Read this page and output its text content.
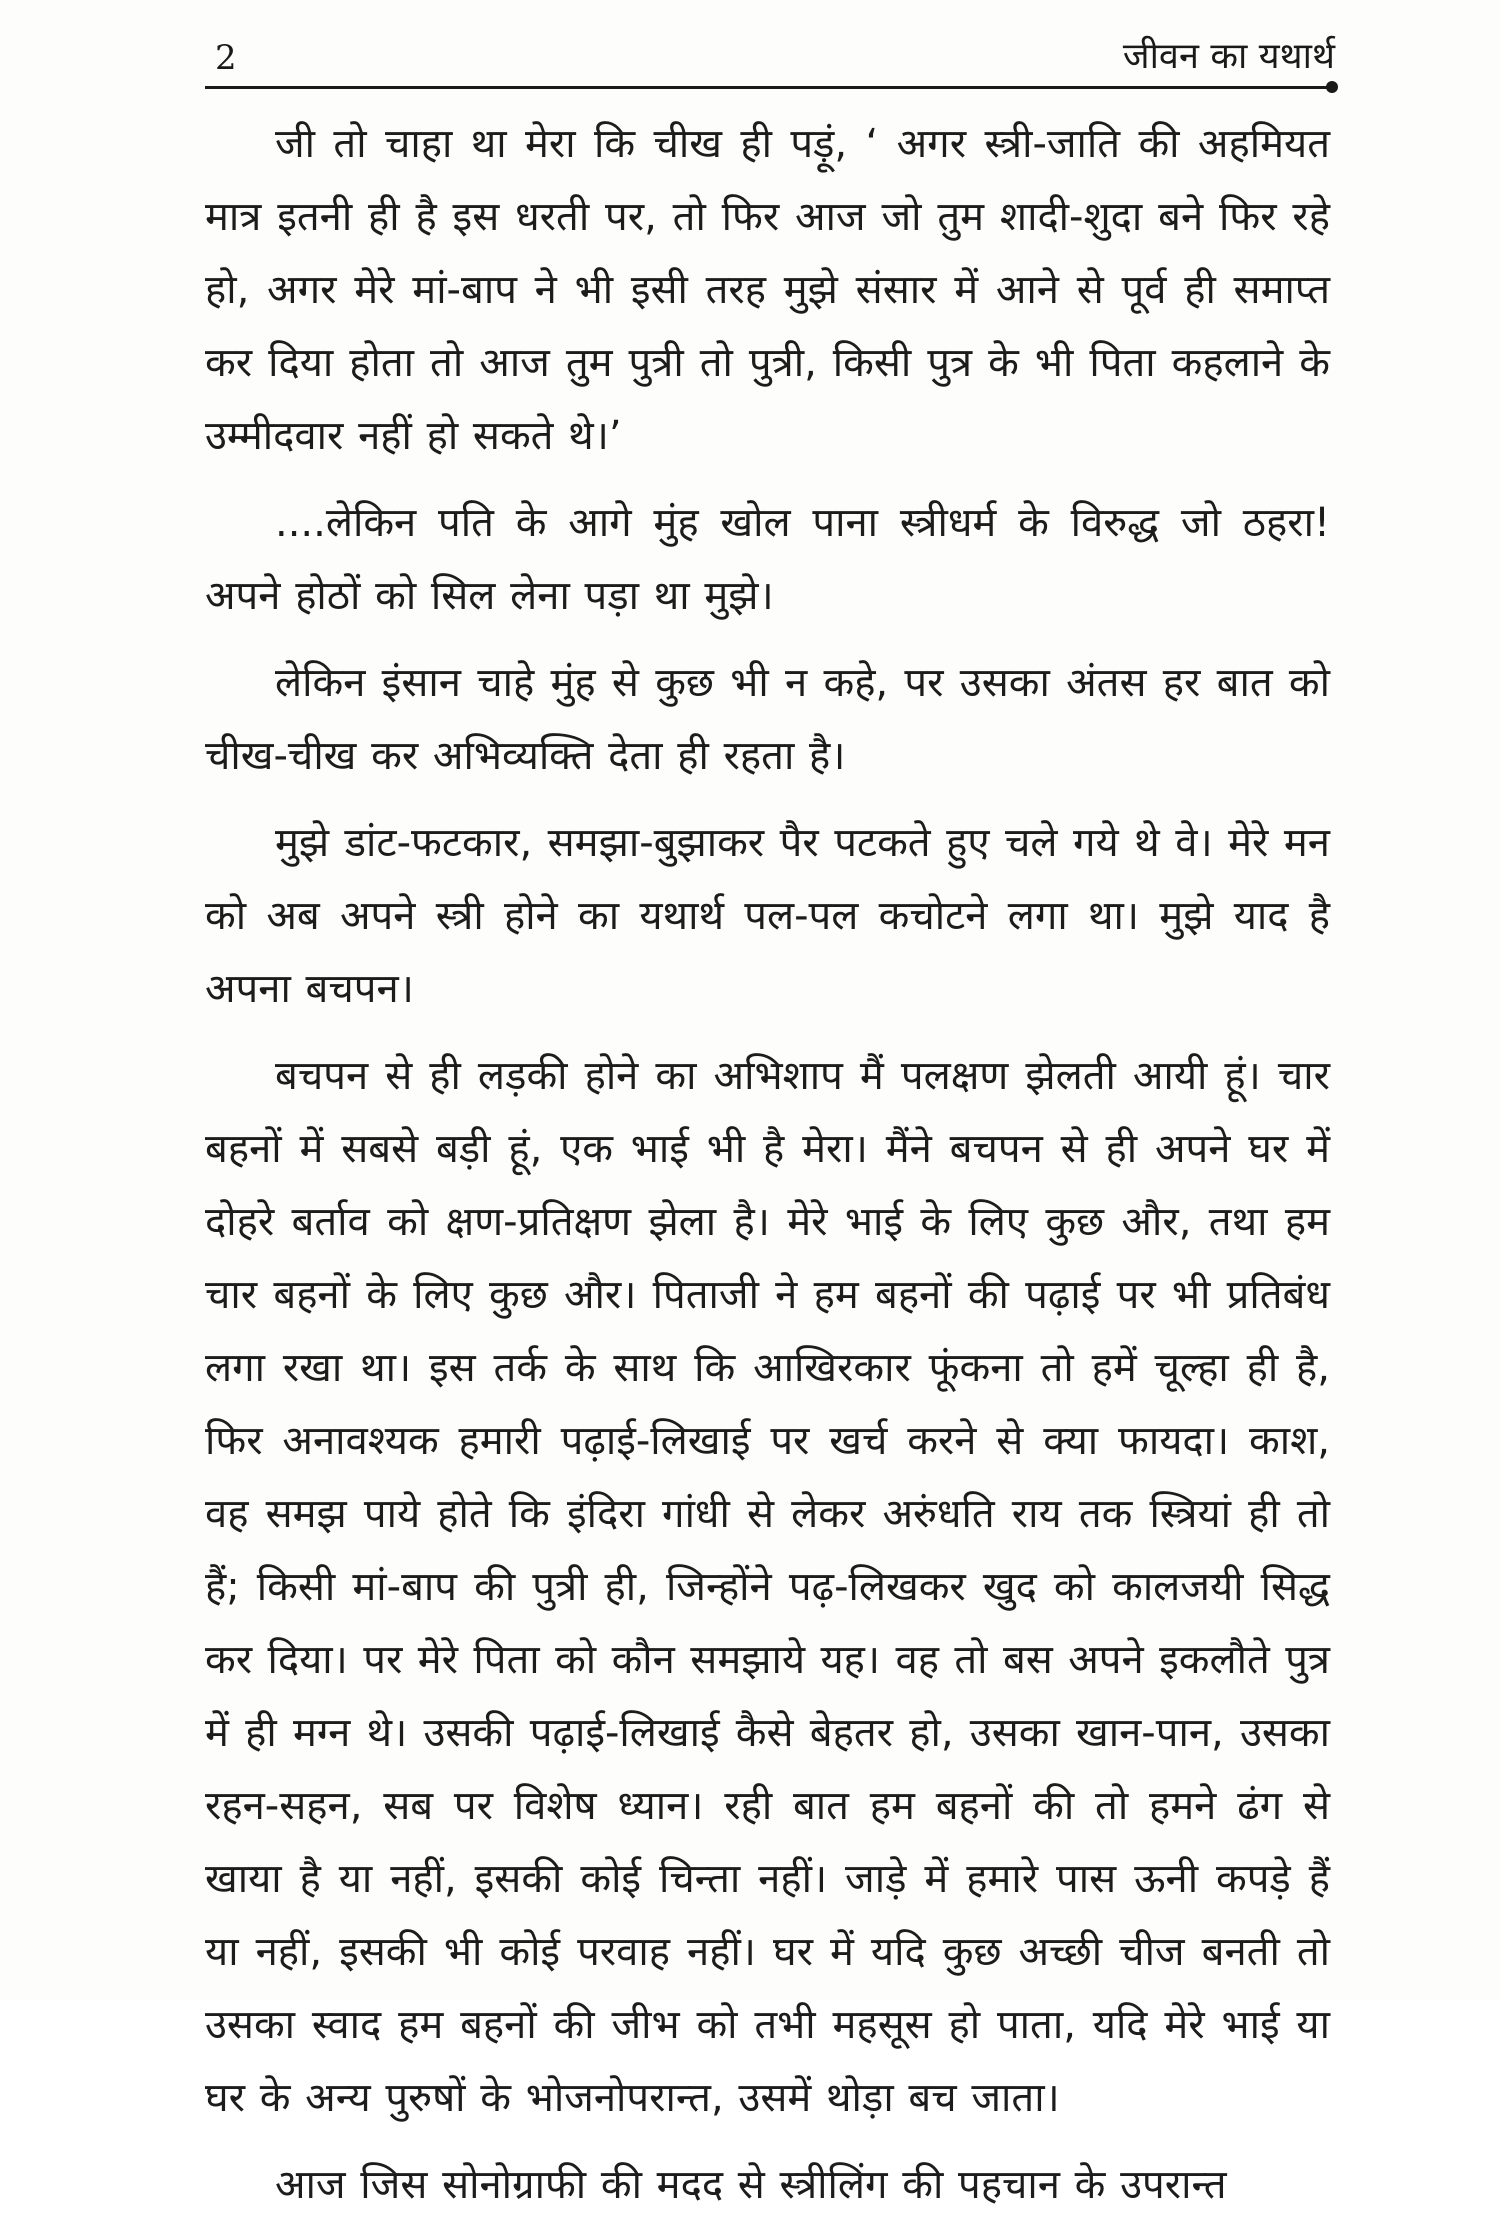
2	जीवन का यथार्थ

जी तो चाहा था मेरा कि चीख ही पड़ूं, ‘ अगर स्त्री-जाति की अहमियत मात्र इतनी ही है इस धरती पर, तो फिर आज जो तुम शादी-शुदा बने फिर रहे हो, अगर मेरे मां-बाप ने भी इसी तरह मुझे संसार में आने से पूर्व ही समाप्त कर दिया होता तो आज तुम पुत्री तो पुत्री, किसी पुत्र के भी पिता कहलाने के उम्मीदवार नहीं हो सकते थे।’

....लेकिन पति के आगे मुंह खोल पाना स्त्रीधर्म के विरुद्ध जो ठहरा! अपने होठों को सिल लेना पड़ा था मुझे।

लेकिन इंसान चाहे मुंह से कुछ भी न कहे, पर उसका अंतस हर बात को चीख-चीख कर अभिव्यक्ति देता ही रहता है।

मुझे डांट-फटकार, समझा-बुझाकर पैर पटकते हुए चले गये थे वे। मेरे मन को अब अपने स्त्री होने का यथार्थ पल-पल कचोटने लगा था। मुझे याद है अपना बचपन।

बचपन से ही लड़की होने का अभिशाप मैं पलक्षण झेलती आयी हूं। चार बहनों में सबसे बड़ी हूं, एक भाई भी है मेरा। मैंने बचपन से ही अपने घर में दोहरे बर्ताव को क्षण-प्रतिक्षण झेला है। मेरे भाई के लिए कुछ और, तथा हम चार बहनों के लिए कुछ और। पिताजी ने हम बहनों की पढ़ाई पर भी प्रतिबंध लगा रखा था। इस तर्क के साथ कि आखिरकार फूंकना तो हमें चूल्हा ही है, फिर अनावश्यक हमारी पढ़ाई-लिखाई पर खर्च करने से क्या फायदा। काश, वह समझ पाये होते कि इंदिरा गांधी से लेकर अरुंधति राय तक स्त्रियां ही तो हैं; किसी मां-बाप की पुत्री ही, जिन्होंने पढ़-लिखकर खुद को कालजयी सिद्ध कर दिया। पर मेरे पिता को कौन समझाये यह। वह तो बस अपने इकलौते पुत्र में ही मग्न थे। उसकी पढ़ाई-लिखाई कैसे बेहतर हो, उसका खान-पान, उसका रहन-सहन, सब पर विशेष ध्यान। रही बात हम बहनों की तो हमने ढंग से खाया है या नहीं, इसकी कोई चिन्ता नहीं। जाड़े में हमारे पास ऊनी कपड़े हैं या नहीं, इसकी भी कोई परवाह नहीं। घर में यदि कुछ अच्छी चीज बनती तो उसका स्वाद हम बहनों की जीभ को तभी महसूस हो पाता, यदि मेरे भाई या घर के अन्य पुरुषों के भोजनोपरान्त, उसमें थोड़ा बच जाता।

आज जिस सोनोग्राफी की मदद से स्त्रीलिंग की पहचान के उपरान्त
